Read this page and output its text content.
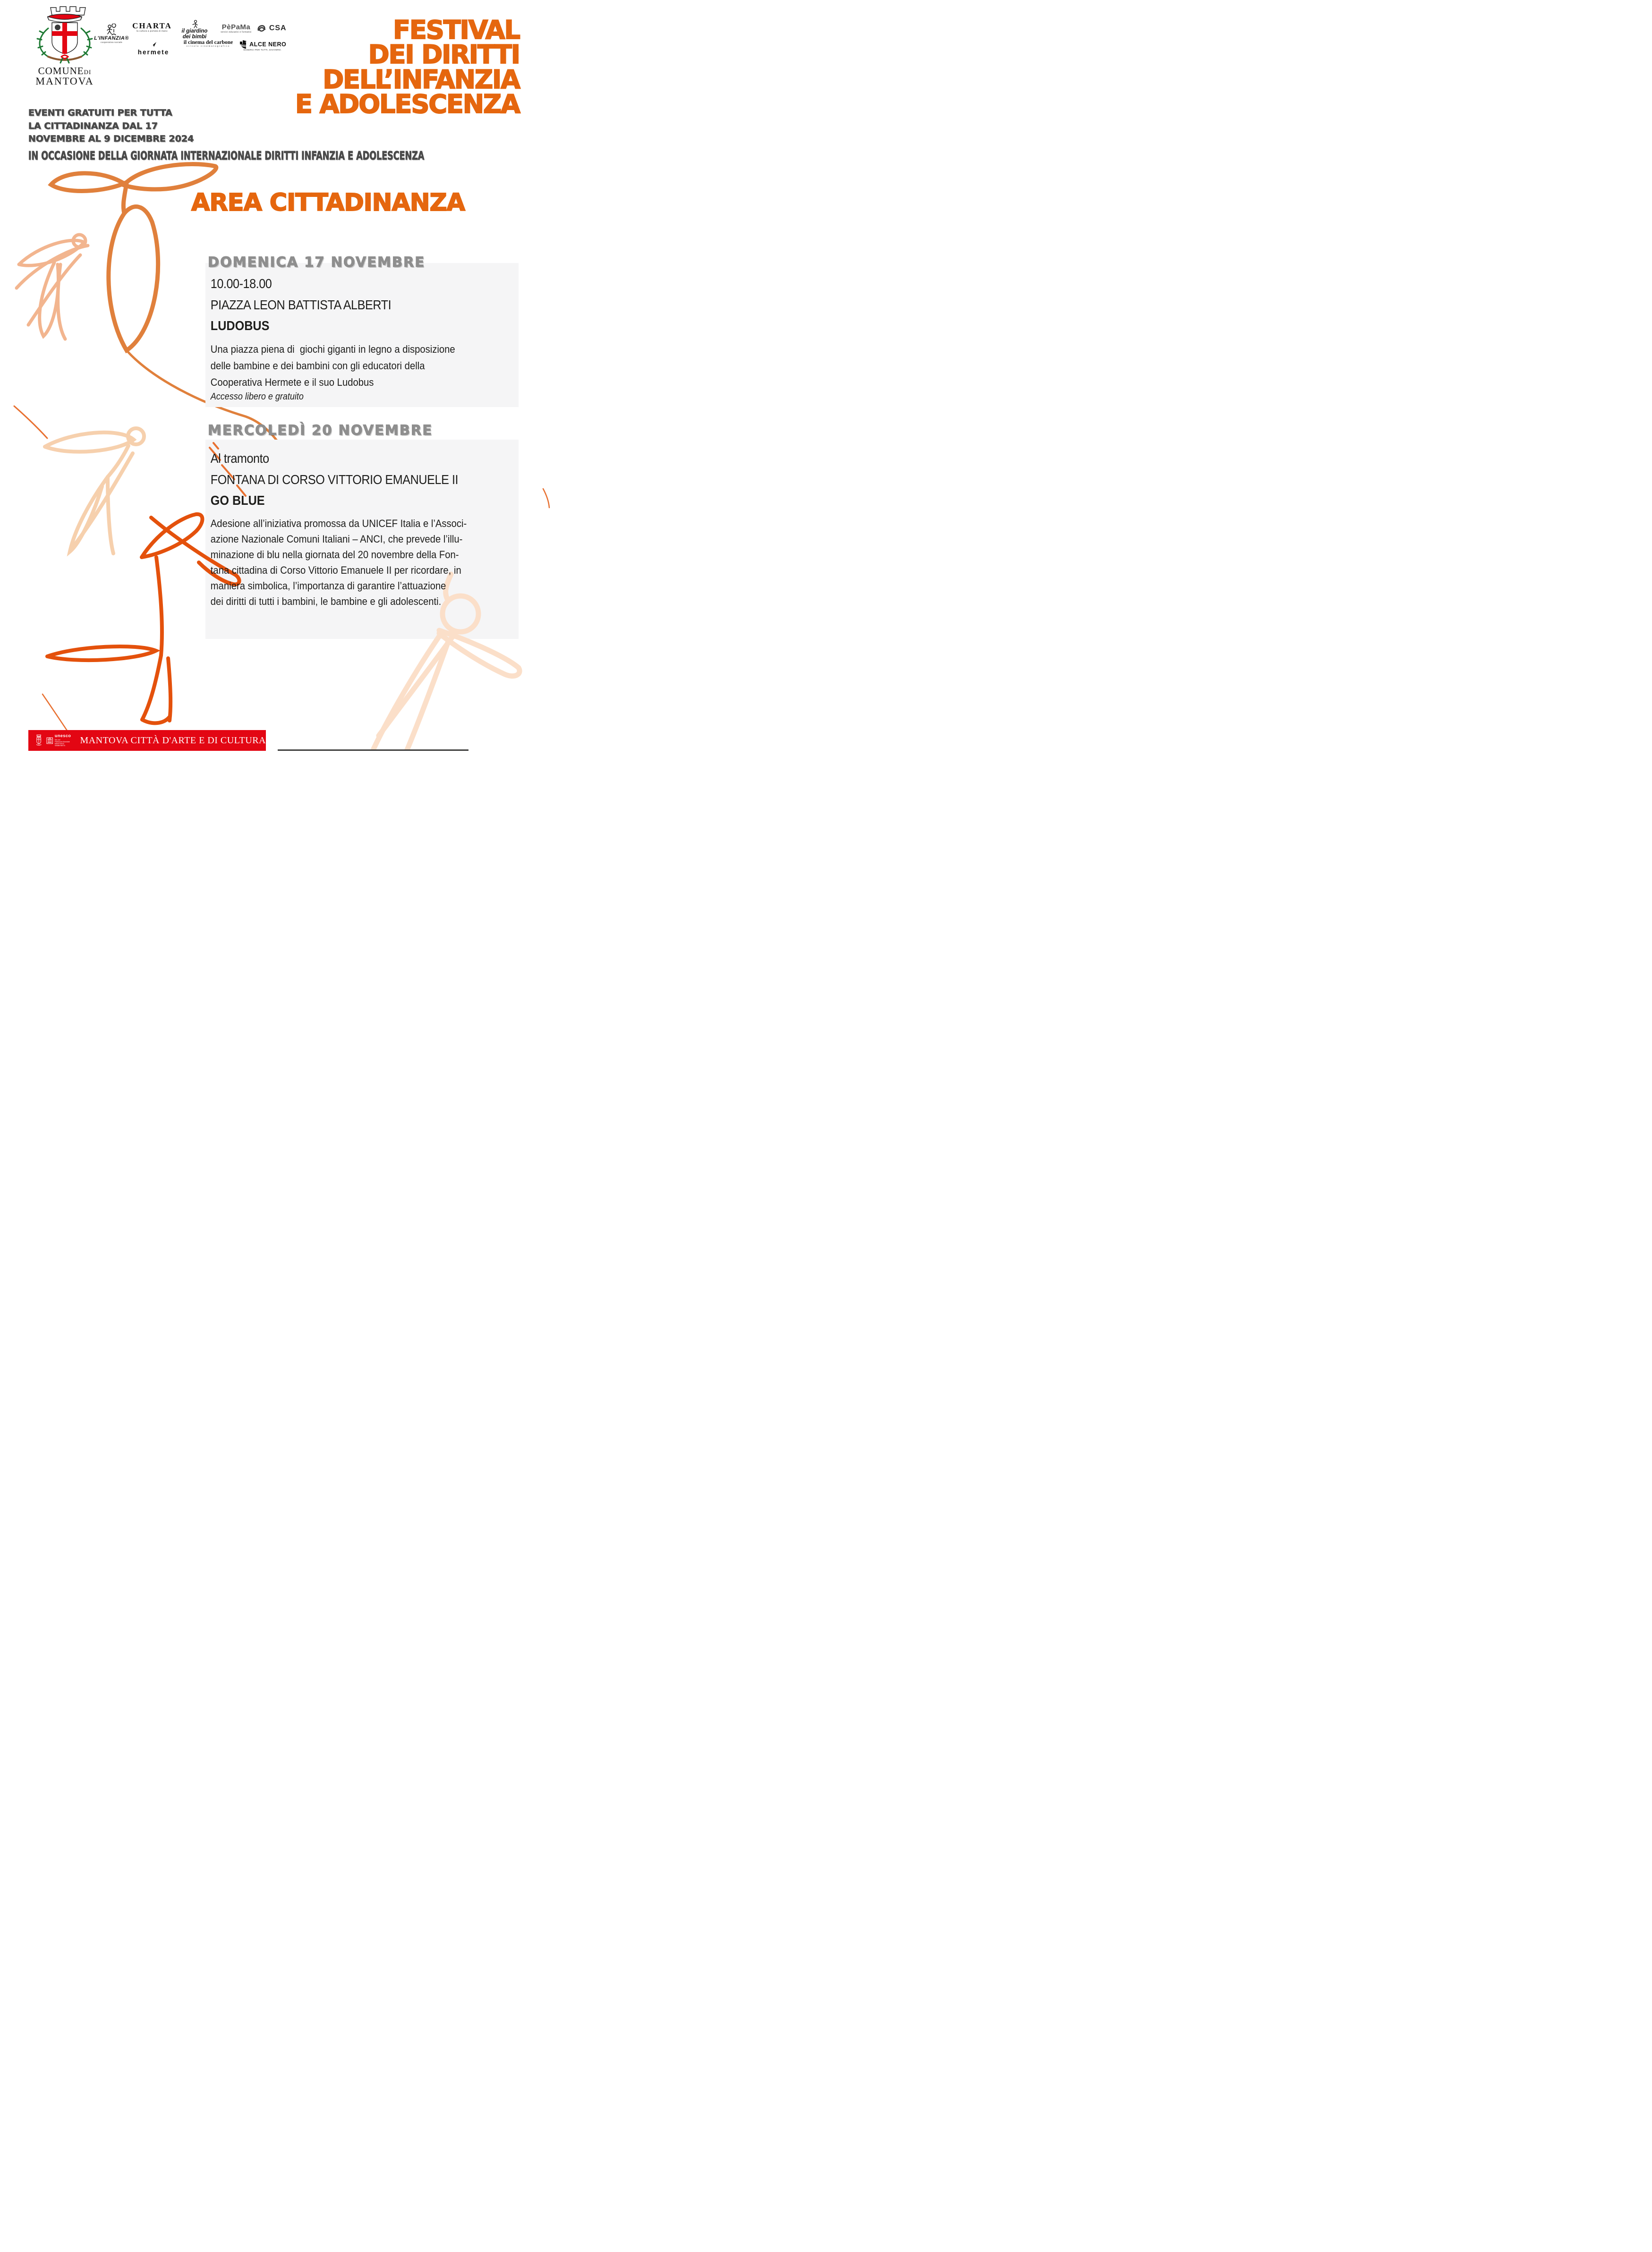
COMUNEDI
MANTOVA
L'INFANZIA®
cooperativa sociale
CHARTA
la cultura a portata di mano	il giardino
dei bimbi
PèPaMa
servizi educativi e formativi	CSA
hermete
il cinema del carbone
circolo cinematografico	ALCE NERO
ESSERCI PER TUTTI, DAVVERO.
FESTIVAL
DEI DIRITTI
DELL’INFANZIA
E ADOLESCENZA
EVENTI GRATUITI PER TUTTA
LA CITTADINANZA DAL 17
NOVEMBRE AL 9 DICEMBRE 2024
IN OCCASIONE DELLA GIORNATA INTERNAZIONALE DIRITTI INFANZIA E ADOLESCENZA
AREA CITTADINANZA
DOMENICA 17 NOVEMBRE
10.00-18.00
PIAZZA LEON BATTISTA ALBERTI
LUDOBUS
Una piazza piena di  giochi giganti in legno a disposizione
delle bambine e dei bambini con gli educatori della
Cooperativa Hermete e il suo Ludobus
Accesso libero e gratuito
MERCOLEDÌ 20 NOVEMBRE
Al tramonto
FONTANA DI CORSO VITTORIO EMANUELE II
GO BLUE
Adesione all’iniziativa promossa da UNICEF Italia e l’Associ-
azione Nazionale Comuni Italiani – ANCI, che prevede l’illu-
minazione di blu nella giornata del 20 novembre della Fon-
tana cittadina di Corso Vittorio Emanuele II per ricordare, in
maniera simbolica, l’importanza di garantire l’attuazione
dei diritti di tutti i bambini, le bambine e gli adolescenti.
unesco
Sito del
Patrimonio Mondiale
MANTOVA E SABBIONETA
MANTOVA CITTÀ D'ARTE E DI CULTURA
